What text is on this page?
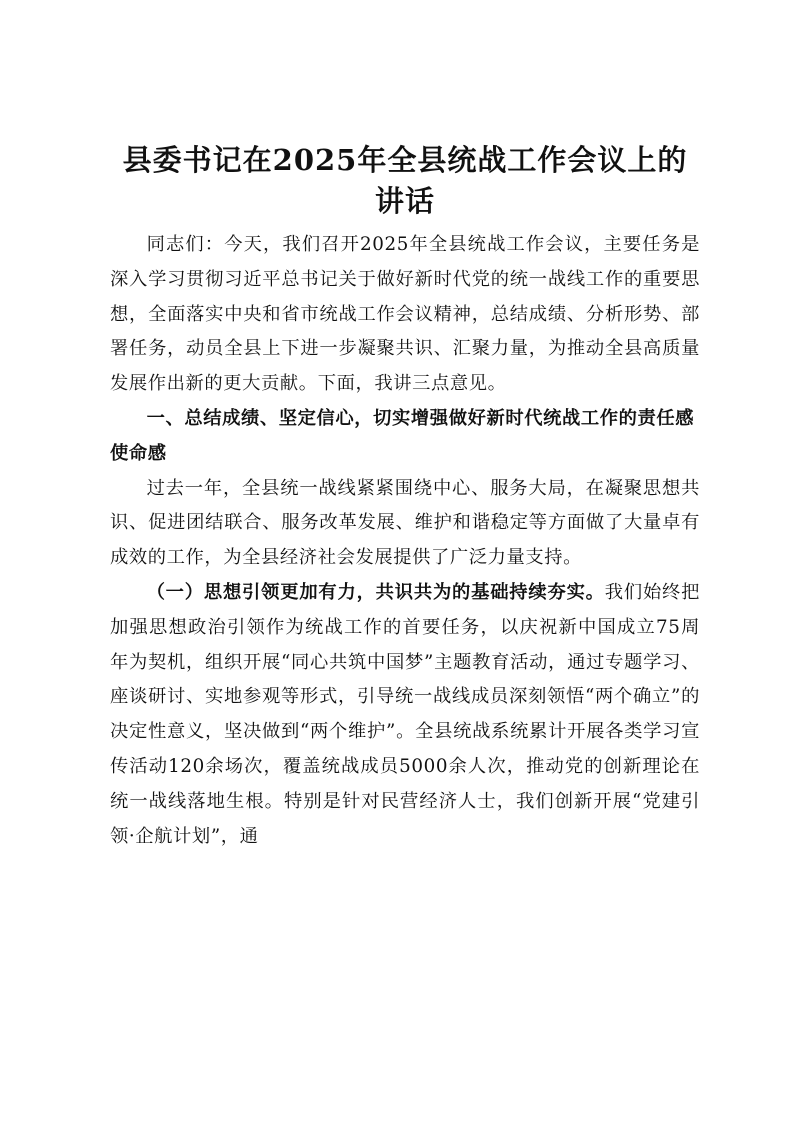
县委书记在2025年全县统战工作会议上的讲话

同志们：今天，我们召开2025年全县统战工作会议，主要任务是深入学习贯彻习近平总书记关于做好新时代党的统一战线工作的重要思想，全面落实中央和省市统战工作会议精神，总结成绩、分析形势、部署任务，动员全县上下进一步凝聚共识、汇聚力量，为推动全县高质量发展作出新的更大贡献。下面，我讲三点意见。

一、总结成绩、坚定信心，切实增强做好新时代统战工作的责任感使命感

过去一年，全县统一战线紧紧围绕中心、服务大局，在凝聚思想共识、促进团结联合、服务改革发展、维护和谐稳定等方面做了大量卓有成效的工作，为全县经济社会发展提供了广泛力量支持。

（一）思想引领更加有力，共识共为的基础持续夯实。我们始终把加强思想政治引领作为统战工作的首要任务，以庆祝新中国成立75周年为契机，组织开展“同心共筑中国梦”主题教育活动，通过专题学习、座谈研讨、实地参观等形式，引导统一战线成员深刻领悟“两个确立”的决定性意义，坚决做到“两个维护”。全县统战系统累计开展各类学习宣传活动120余场次，覆盖统战成员5000余人次，推动党的创新理论在统一战线落地生根。特别是针对民营经济人士，我们创新开展“党建引领·企航计划”，通
